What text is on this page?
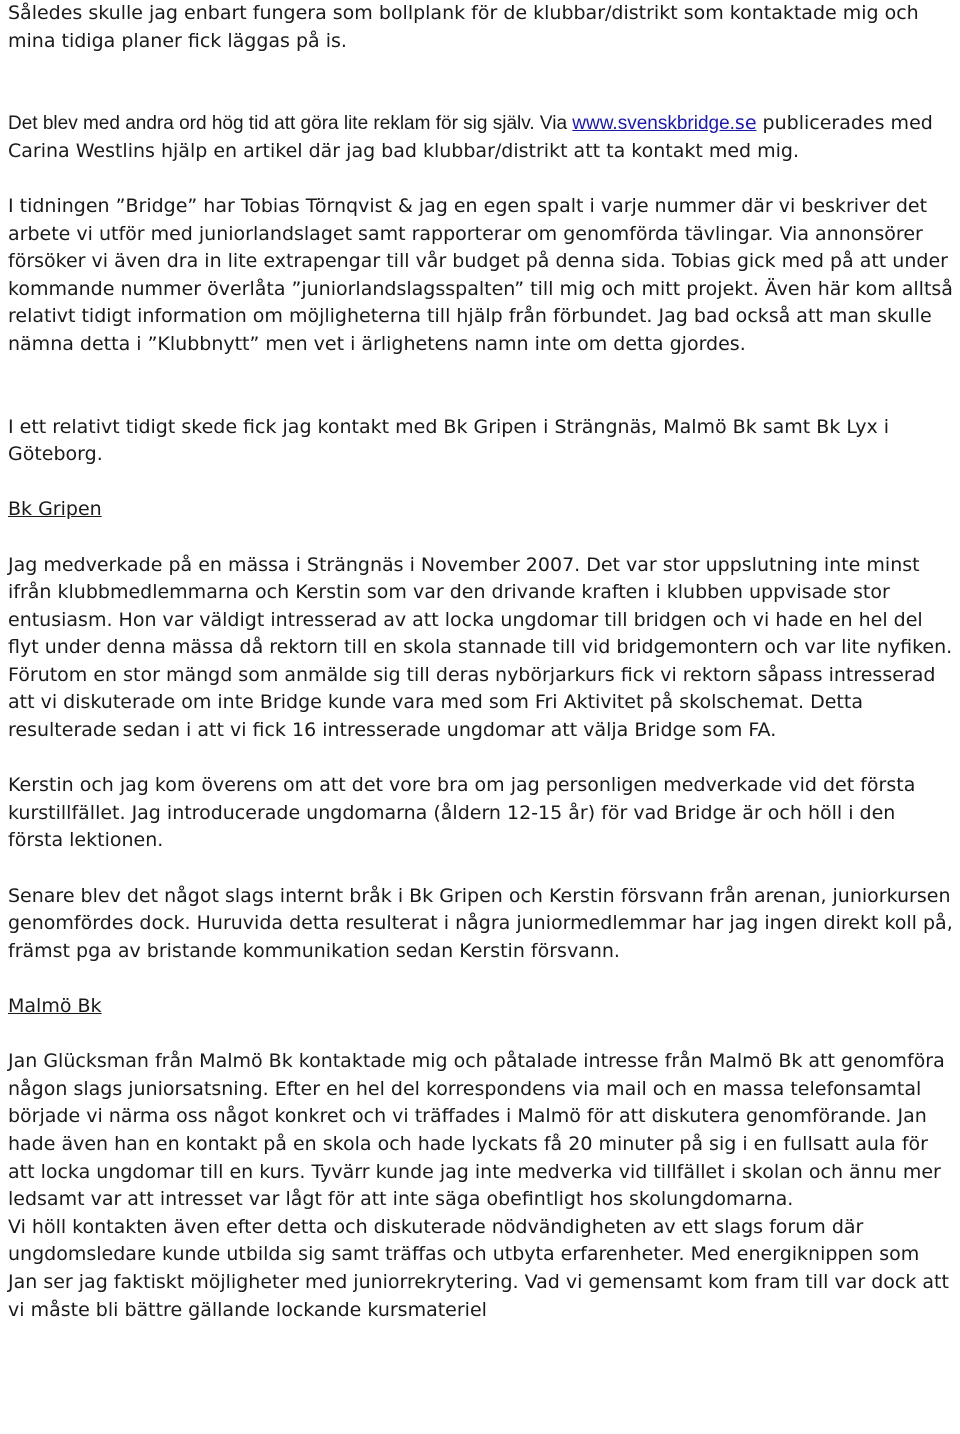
Således skulle jag enbart fungera som bollplank för de klubbar/distrikt som kontaktade mig och mina tidiga planer fick läggas på is.

Det blev med andra ord hög tid att göra lite reklam för sig själv. Via www.svenskbridge.se publicerades med Carina Westlins hjälp en artikel där jag bad klubbar/distrikt att ta kontakt med mig.

I tidningen ”Bridge” har Tobias Törnqvist & jag en egen spalt i varje nummer där vi beskriver det arbete vi utför med juniorlandslaget samt rapporterar om genomförda tävlingar. Via annonsörer försöker vi även dra in lite extrapengar till vår budget på denna sida. Tobias gick med på att under kommande nummer överlåta ”juniorlandslagsspalten” till mig och mitt projekt. Även här kom alltså relativt tidigt information om möjligheterna till hjälp från förbundet. Jag bad också att man skulle nämna detta i ”Klubbnytt” men vet i ärlighetens namn inte om detta gjordes.

I ett relativt tidigt skede fick jag kontakt med Bk Gripen i Strängnäs, Malmö Bk samt Bk Lyx i Göteborg.

Bk Gripen

Jag medverkade på en mässa i Strängnäs i November 2007. Det var stor uppslutning inte minst ifrån klubbmedlemmarna och Kerstin som var den drivande kraften i klubben uppvisade stor entusiasm. Hon var väldigt intresserad av att locka ungdomar till bridgen och vi hade en hel del flyt under denna mässa då rektorn till en skola stannade till vid bridgemontern och var lite nyfiken. Förutom en stor mängd som anmälde sig till deras nybörjarkurs fick vi rektorn såpass intresserad att vi diskuterade om inte Bridge kunde vara med som Fri Aktivitet på skolschemat. Detta resulterade sedan i att vi fick 16 intresserade ungdomar att välja Bridge som FA.

Kerstin och jag kom överens om att det vore bra om jag personligen medverkade vid det första kurstillfället. Jag introducerade ungdomarna (åldern 12-15 år) för vad Bridge är och höll i den första lektionen.

Senare blev det något slags internt bråk i Bk Gripen och Kerstin försvann från arenan, juniorkursen genomfördes dock. Huruvida detta resulterat i några juniormedlemmar har jag ingen direkt koll på, främst pga av bristande kommunikation sedan Kerstin försvann.

Malmö Bk

Jan Glücksman från Malmö Bk kontaktade mig och påtalade intresse från Malmö Bk att genomföra någon slags juniorsatsning. Efter en hel del korrespondens via mail och en massa telefonsamtal började vi närma oss något konkret och vi träffades i Malmö för att diskutera genomförande. Jan hade även han en kontakt på en skola och hade lyckats få 20 minuter på sig i en fullsatt aula för att locka ungdomar till en kurs. Tyvärr kunde jag inte medverka vid tillfället i skolan och ännu mer ledsamt var att intresset var lågt för att inte säga obefintligt hos skolungdomarna.

Vi höll kontakten även efter detta och diskuterade nödvändigheten av ett slags forum där ungdomsledare kunde utbilda sig samt träffas och utbyta erfarenheter. Med energiknippen som Jan ser jag faktiskt möjligheter med juniorrekrytering. Vad vi gemensamt kom fram till var dock att vi måste bli bättre gällande lockande kursmateriel
